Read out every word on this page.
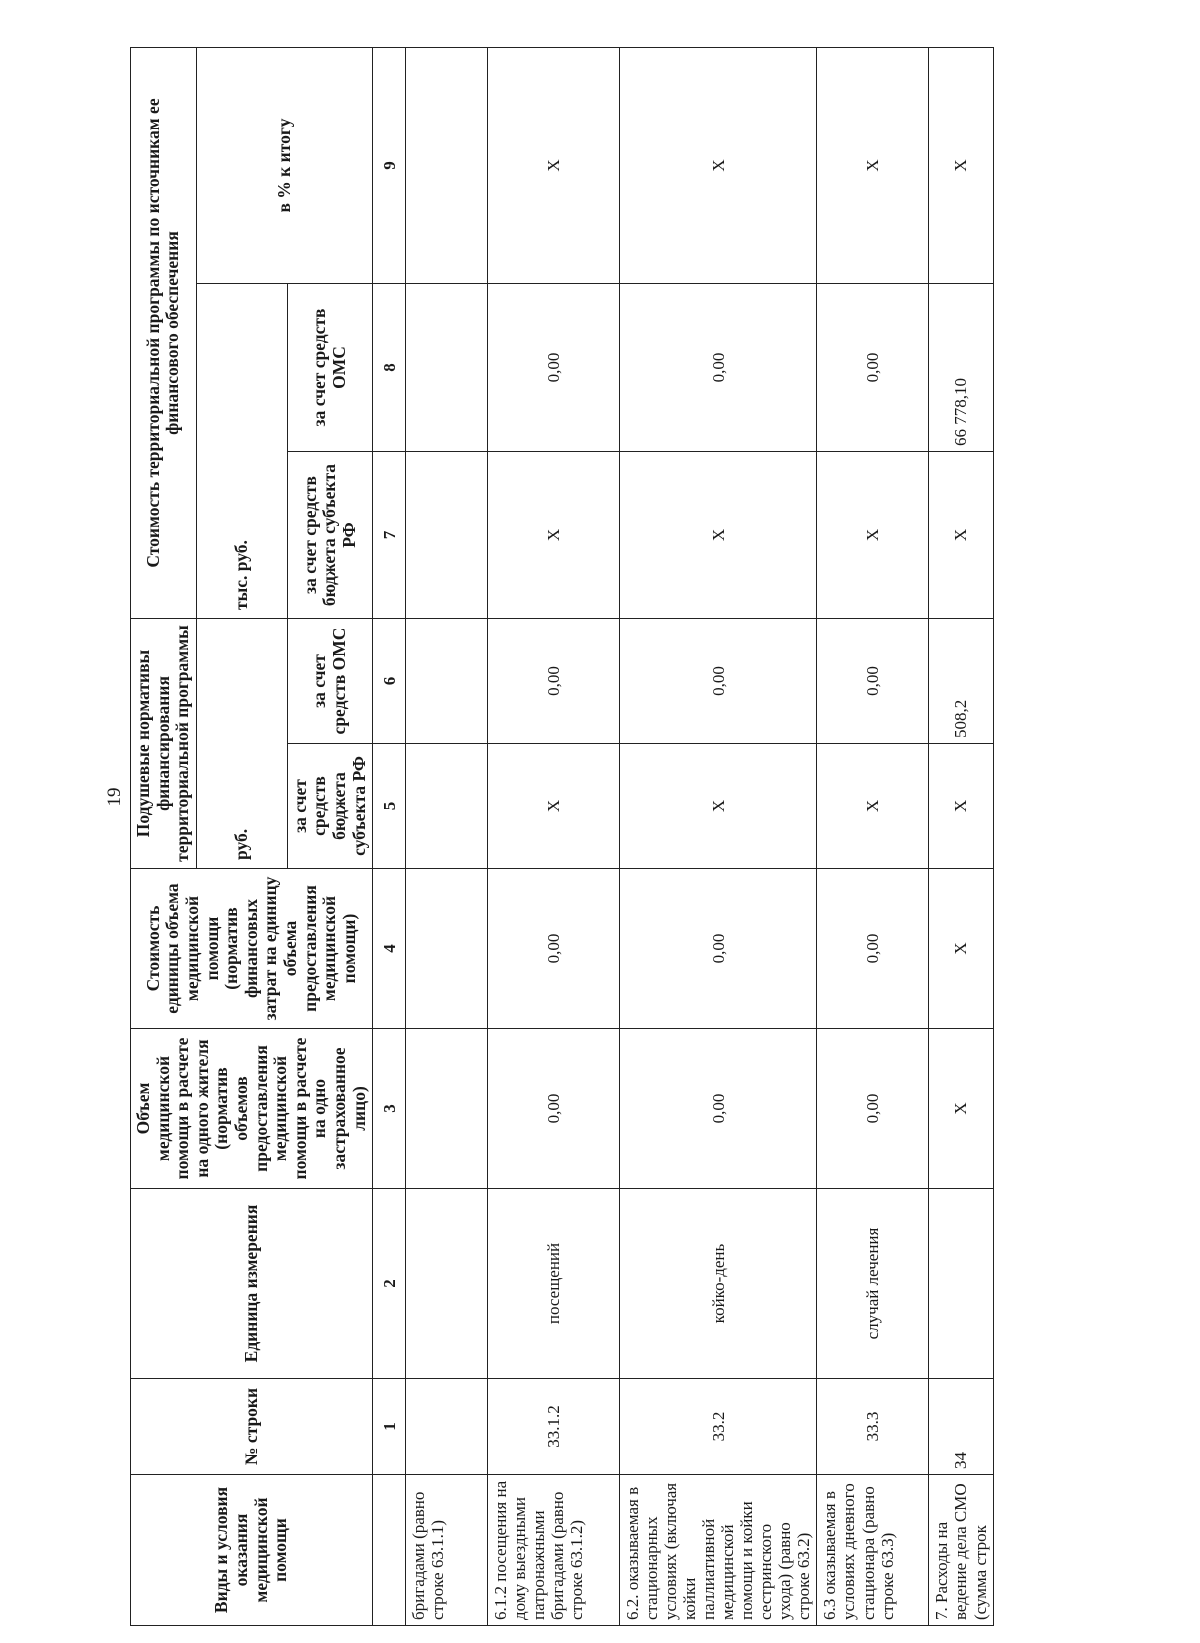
19
Виды и условия оказания медицинской помощи	№ строки	Единица измерения	Объем медицинской помощи в расчете на одного жителя (норматив объемов предоставления медицинской помощи в расчете на одно застрахованное лицо)	Стоимость единицы объема медицинской помощи (норматив финансовых затрат на единицу объема предоставления медицинской помощи)	Подушевые нормативы финансирования территориальной программы		Стоимость территориальной программы по источникам ее финансового обеспечения		
					руб.		тыс. руб.		в % к итогу
					за счет средств бюджета субъекта РФ	за счет средств ОМС	за счет средств бюджета субъекта РФ	за счет средств ОМС	
	1	2	3	4	5	6	7	8	9
бригадами (равно строке 63.1.1)									
6.1.2 посещения на дому выездными патронажными бригадами (равно строке 63.1.2)	33.1.2	посещений	0,00	0,00	Х	0,00	Х	0,00	Х
6.2. оказываемая в стационарных условиях (включая койки паллиативной медицинской помощи и койки сестринского ухода) (равно строке 63.2)	33.2	койко-день	0,00	0,00	Х	0,00	Х	0,00	Х
6.3 оказываемая в условиях дневного стационара (равно строке 63.3)	33.3	случай лечения	0,00	0,00	Х	0,00	Х	0,00	Х
7. Расходы на ведение дела СМО (сумма строк	34		Х	Х	Х	508,2	Х	66 778,10	Х
